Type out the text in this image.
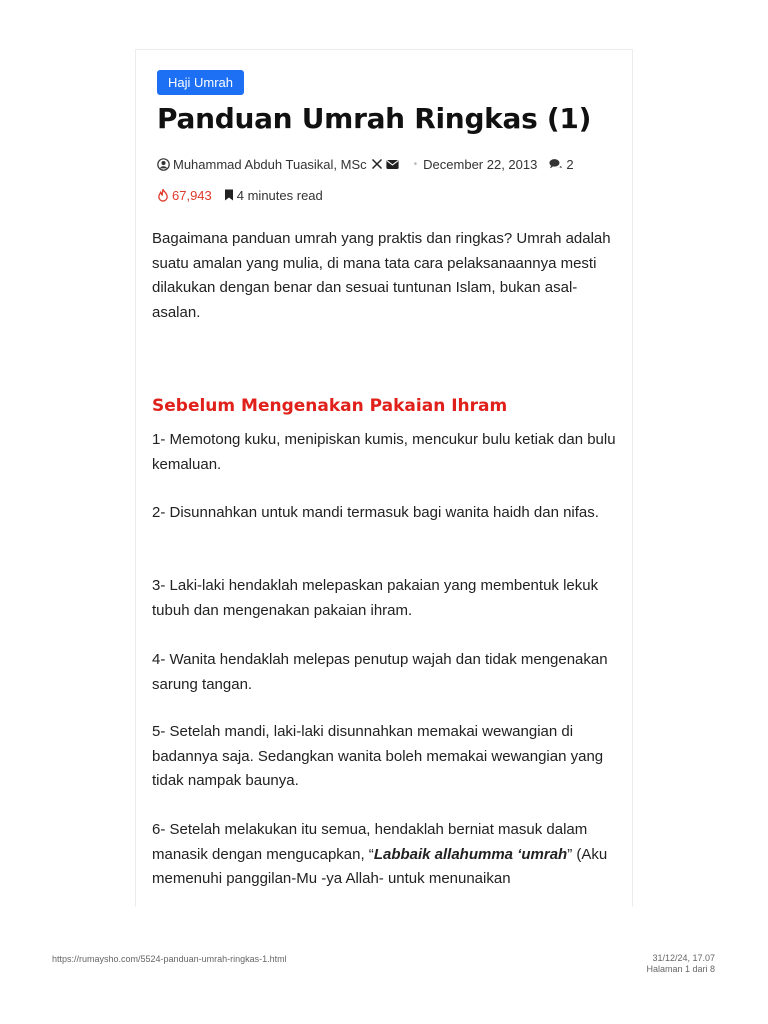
Haji Umrah
Panduan Umrah Ringkas (1)
Muhammad Abduh Tuasikal, MSc	• December 22, 2013 2
67,943 4 minutes read

Bagaimana panduan umrah yang praktis dan ringkas? Umrah adalah suatu amalan yang mulia, di mana tata cara pelaksanaannya mesti dilakukan dengan benar dan sesuai tuntunan Islam, bukan asal-asalan.

Sebelum Mengenakan Pakaian Ihram

1- Memotong kuku, menipiskan kumis, mencukur bulu ketiak dan bulu kemaluan.

2- Disunnahkan untuk mandi termasuk bagi wanita haidh dan nifas.

3- Laki-laki hendaklah melepaskan pakaian yang membentuk lekuk tubuh dan mengenakan pakaian ihram.

4- Wanita hendaklah melepas penutup wajah dan tidak mengenakan sarung tangan.

5- Setelah mandi, laki-laki disunnahkan memakai wewangian di badannya saja. Sedangkan wanita boleh memakai wewangian yang tidak nampak baunya.

6- Setelah melakukan itu semua, hendaklah berniat masuk dalam manasik dengan mengucapkan, “Labbaik allahumma ‘umrah” (Aku memenuhi panggilan-Mu -ya Allah- untuk menunaikan

https://rumaysho.com/5524-panduan-umrah-ringkas-1.html	31/12/24, 17.07
Halaman 1 dari 8
